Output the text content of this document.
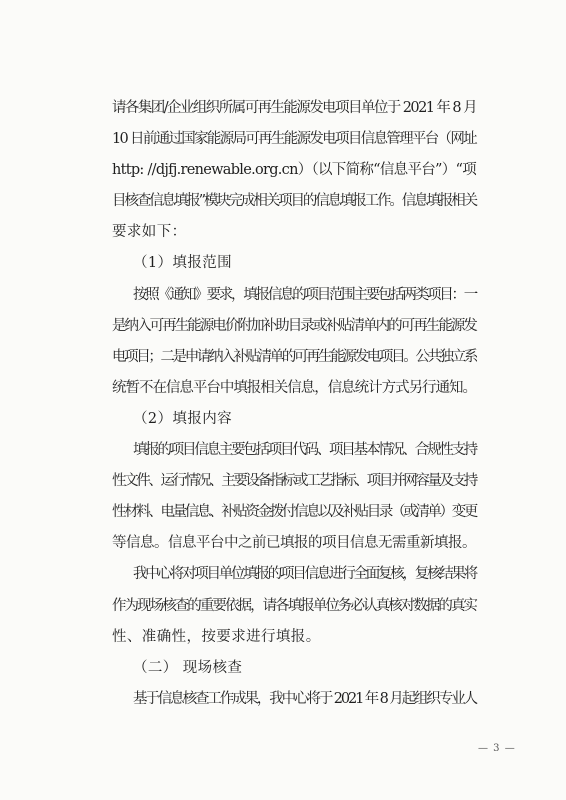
请各集团/企业组织所属可再生能源发电项目单位于 2021 年 8 月
10 日前通过国家能源局可再生能源发电项目信息管理平台（网址
http: //djfj.renewable.org.cn）（以下简称“信息平台”）“项
目核查信息填报”模块完成相关项目的信息填报工作。信息填报相关
要求如下：
（1）填报范围
按照《通知》要求，填报信息的项目范围主要包括两类项目：一
是纳入可再生能源电价附加补助目录或补贴清单内的可再生能源发
电项目；二是申请纳入补贴清单的可再生能源发电项目。公共独立系
统暂不在信息平台中填报相关信息，信息统计方式另行通知。
（2）填报内容
填报的项目信息主要包括项目代码、项目基本情况、合规性支持
性文件、运行情况、主要设备指标或工艺指标、项目并网容量及支持
性材料、电量信息、补贴资金拨付信息以及补贴目录（或清单）变更
等信息。信息平台中之前已填报的项目信息无需重新填报。
我中心将对项目单位填报的项目信息进行全面复核，复核结果将
作为现场核查的重要依据，请各填报单位务必认真核对数据的真实
性、准确性，按要求进行填报。
（二） 现场核查
基于信息核查工作成果，我中心将于 2021 年 8 月起组织专业人
— 3 —
